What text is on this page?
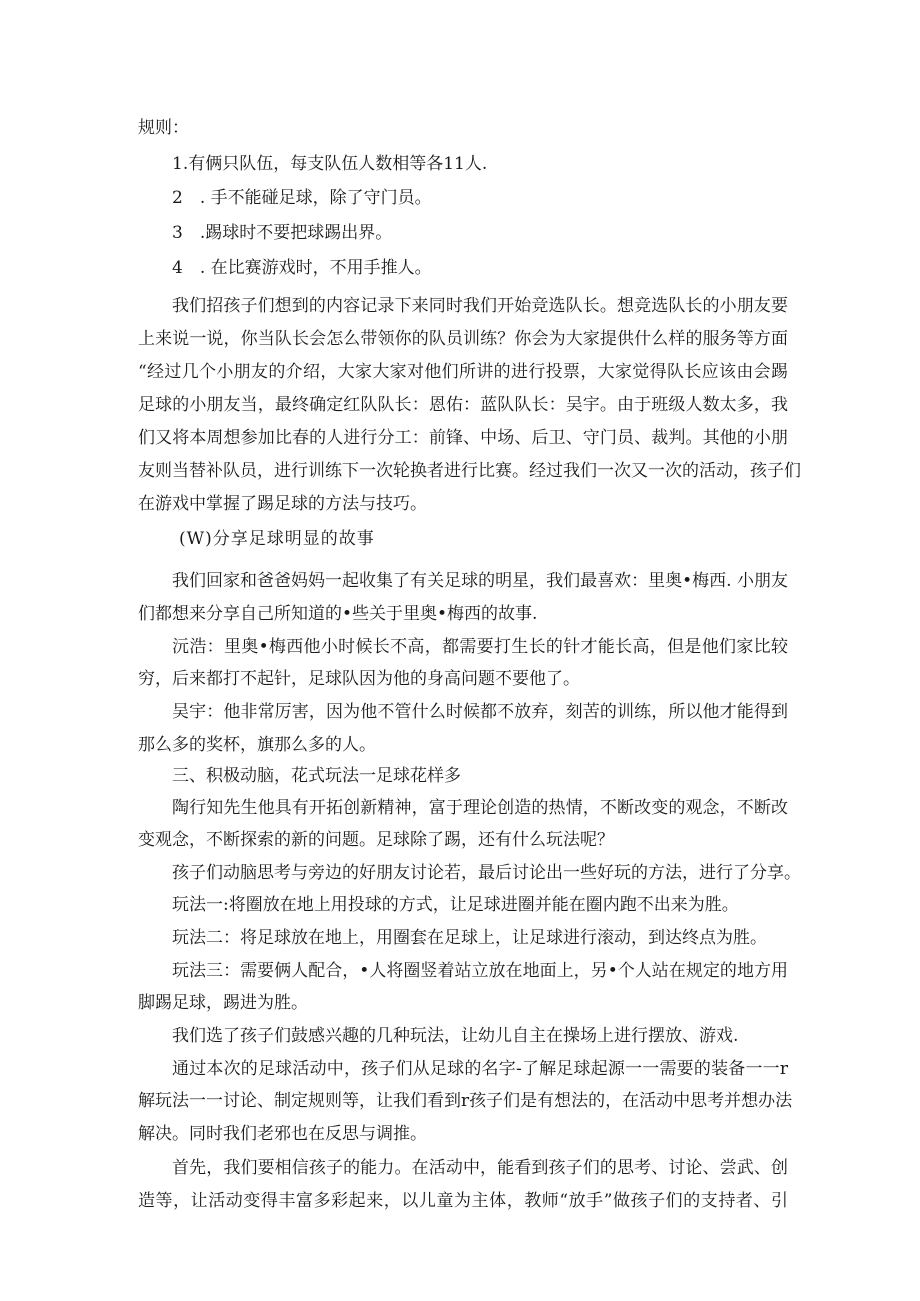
规则：
1.有俩只队伍，每支队伍人数相等各11人.
2　. 手不能碰足球，除了守门员。
3　.踢球时不要把球踢出界。
4　. 在比赛游戏时，不用手推人。
我们招孩子们想到的内容记录下来同时我们开始竞选队长。想竞选队长的小朋友要
上来说一说，你当队长会怎么带领你的队员训练？你会为大家提供什么样的服务等方面
“经过几个小朋友的介绍，大家大家对他们所讲的进行投票，大家觉得队长应该由会踢
足球的小朋友当，最终确定红队队长：恩佑：蓝队队长：吴宇。由于班级人数太多，我
们又将本周想参加比春的人进行分工：前锋、中场、后卫、守门员、裁判。其他的小朋
友则当替补队员，进行训练下一次轮换者进行比赛。经过我们一次又一次的活动，孩子们
在游戏中掌握了踢足球的方法与技巧。
(W)分享足球明显的故事
我们回家和爸爸妈妈一起收集了有关足球的明星，我们最喜欢：里奥•梅西. 小朋友
们都想来分享自己所知道的•些关于里奥•梅西的故事.
沅浩：里奥•梅西他小时候长不高，都需要打生长的针才能长高，但是他们家比较
穷，后来都打不起针，足球队因为他的身高问题不要他了。
吴宇：他非常厉害，因为他不管什么时候都不放弃，刻苦的训练，所以他才能得到
那么多的奖杯，旗那么多的人。
三、积极动脑，花式玩法一足球花样多
陶行知先生他具有开拓创新精神，富于理论创造的热情，不断改变的观念，不断改
变观念，不断探索的新的问题。足球除了踢，还有什么玩法呢？
孩子们动脑思考与旁边的好朋友讨论若，最后讨论出一些好玩的方法，进行了分享。
玩法一:将圈放在地上用投球的方式，让足球进圈并能在圈内跑不出来为胜。
玩法二：将足球放在地上，用圈套在足球上，让足球进行滚动，到达终点为胜。
玩法三：需要俩人配合，•人将圈竖着站立放在地面上，另•个人站在规定的地方用
脚踢足球，踢进为胜。
我们选了孩子们鼓感兴趣的几种玩法，让幼儿自主在操场上进行摆放、游戏.
通过本次的足球活动中，孩子们从足球的名字-了解足球起源一一需要的装备一一r
解玩法一一讨论、制定规则等，让我们看到r孩子们是有想法的，在活动中思考并想办法
解决。同时我们老邪也在反思与调推。
首先，我们要相信孩子的能力。在活动中，能看到孩子们的思考、讨论、尝武、创
造等，让活动变得丰富多彩起来，以儿童为主体，教师“放手”做孩子们的支持者、引
